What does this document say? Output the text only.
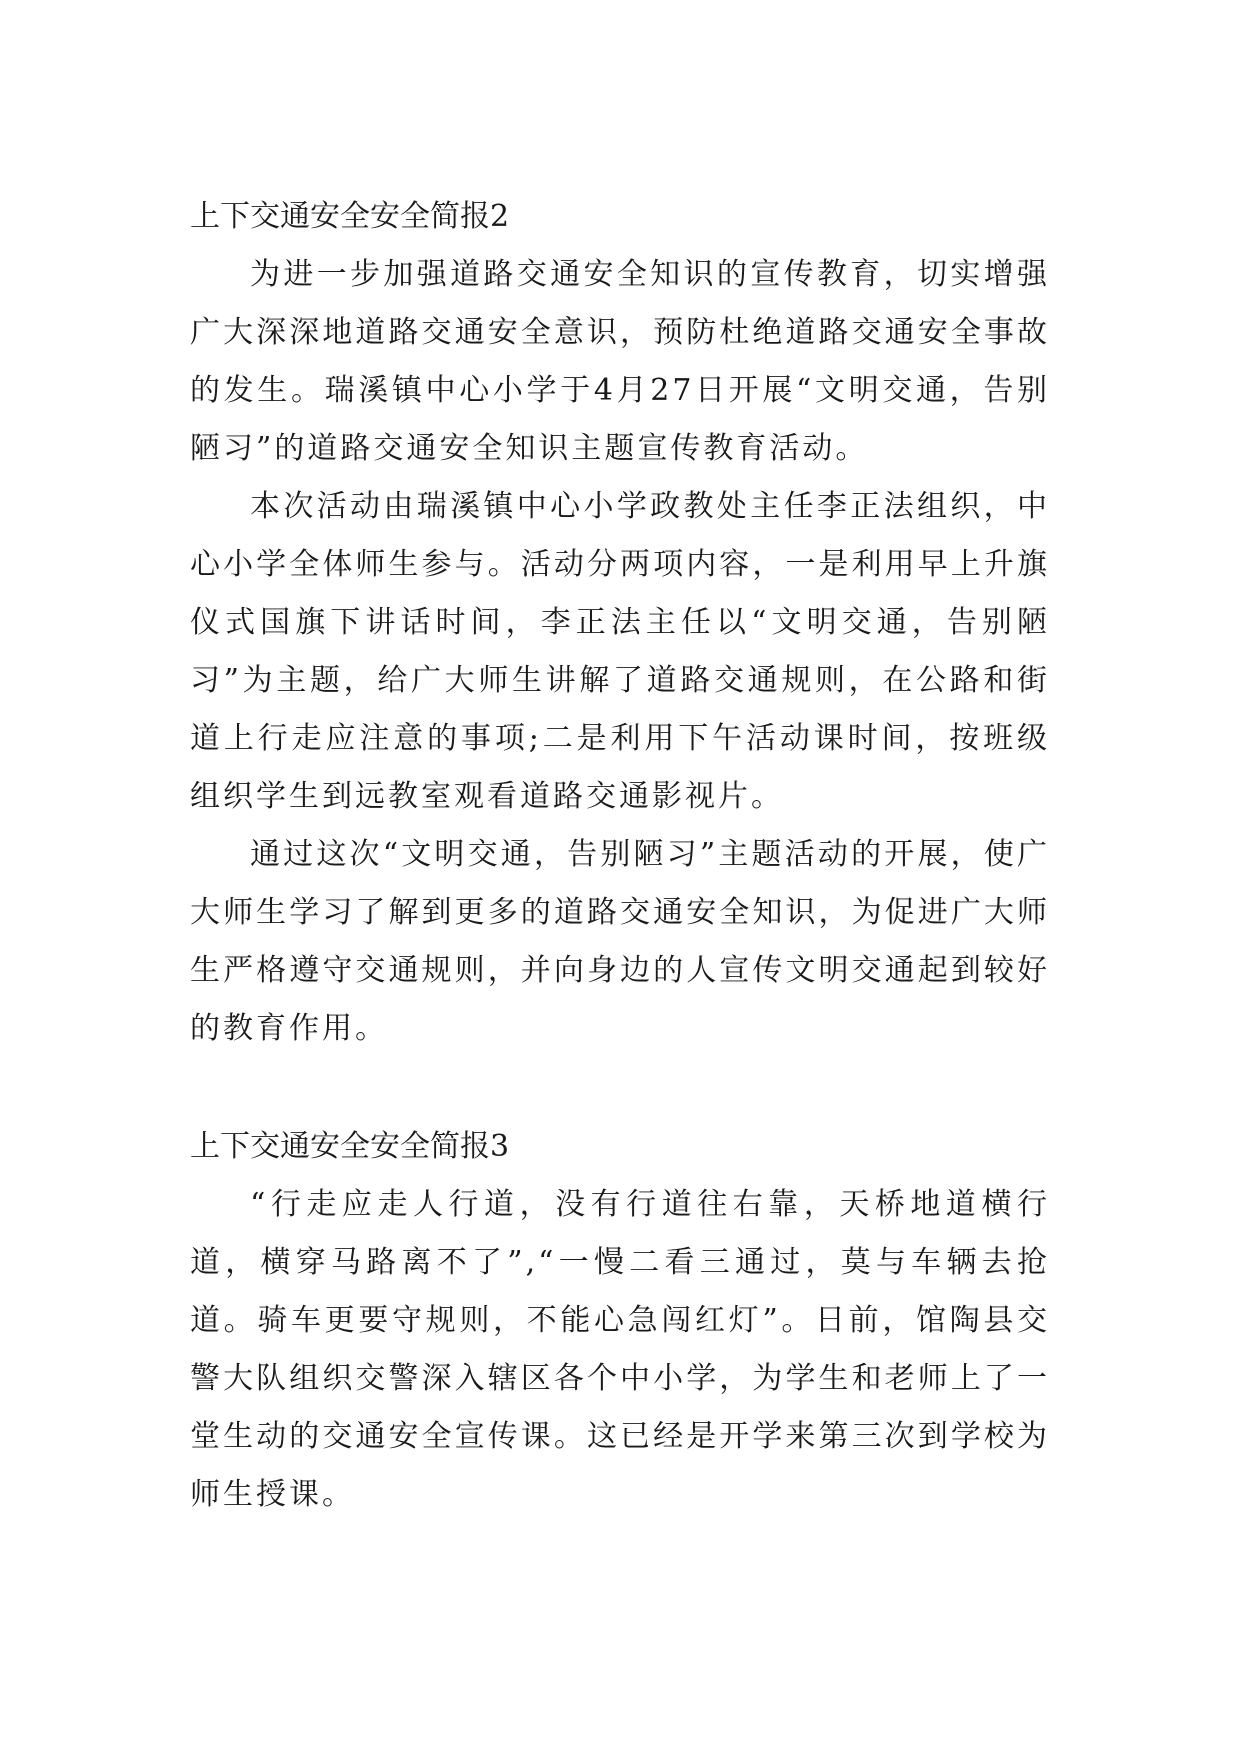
上下交通安全安全简报2

为进一步加强道路交通安全知识的宣传教育，切实增强广大深深地道路交通安全意识，预防杜绝道路交通安全事故的发生。瑞溪镇中心小学于4月27日开展“文明交通，告别陋习”的道路交通安全知识主题宣传教育活动。

本次活动由瑞溪镇中心小学政教处主任李正法组织，中心小学全体师生参与。活动分两项内容，一是利用早上升旗仪式国旗下讲话时间，李正法主任以“文明交通，告别陋习”为主题，给广大师生讲解了道路交通规则，在公路和街道上行走应注意的事项;二是利用下午活动课时间，按班级组织学生到远教室观看道路交通影视片。

通过这次“文明交通，告别陋习”主题活动的开展，使广大师生学习了解到更多的道路交通安全知识，为促进广大师生严格遵守交通规则，并向身边的人宣传文明交通起到较好的教育作用。

上下交通安全安全简报3

“行走应走人行道，没有行道往右靠，天桥地道横行道，横穿马路离不了”,“一慢二看三通过，莫与车辆去抢道。骑车更要守规则，不能心急闯红灯”。日前，馆陶县交警大队组织交警深入辖区各个中小学，为学生和老师上了一堂生动的交通安全宣传课。这已经是开学来第三次到学校为师生授课。
